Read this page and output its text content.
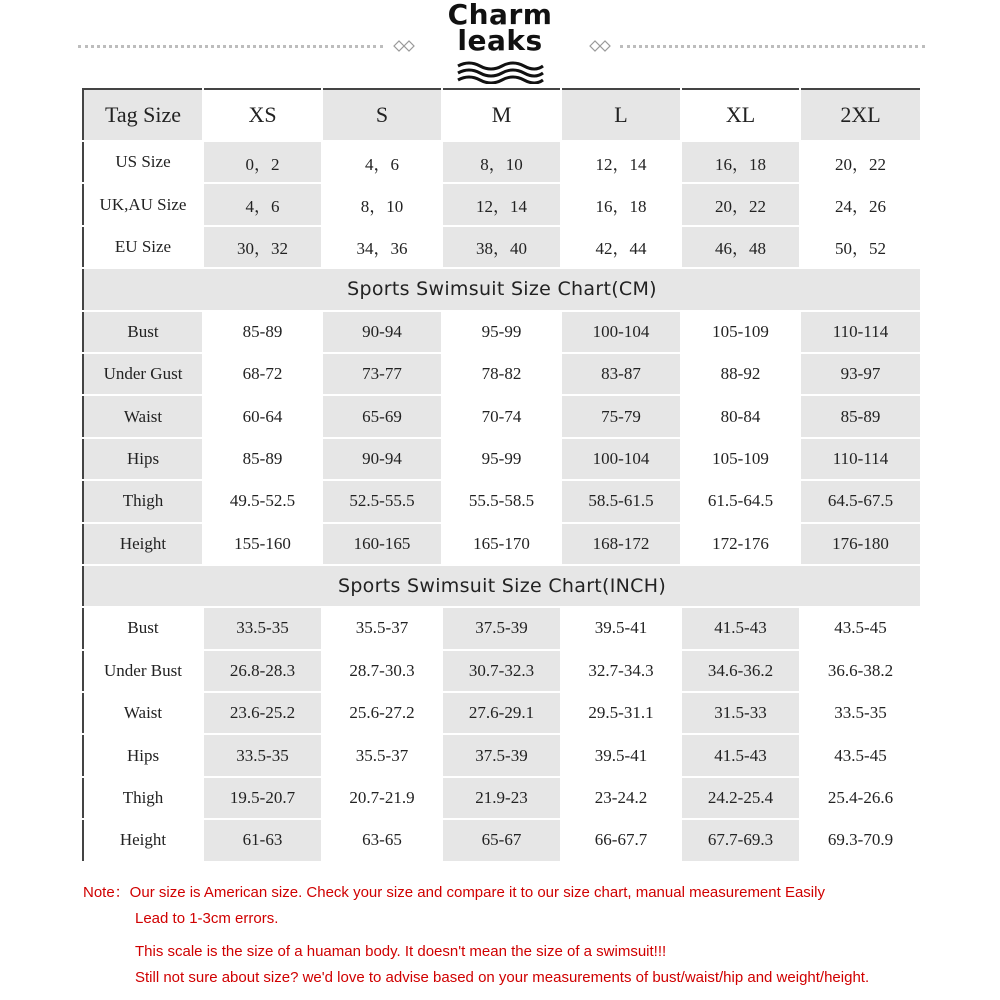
Charm
leaks
Tag Size	XS	S	M	L	XL	2XL
US Size	0，2	4，6	8，10	12，14	16，18	20，22
UK,AU Size	4，6	8，10	12，14	16，18	20，22	24，26
EU Size	30，32	34，36	38，40	42，44	46，48	50，52
Sports Swimsuit Size Chart(CM)						
Bust	85-89	90-94	95-99	100-104	105-109	110-114
Under Gust	68-72	73-77	78-82	83-87	88-92	93-97
Waist	60-64	65-69	70-74	75-79	80-84	85-89
Hips	85-89	90-94	95-99	100-104	105-109	110-114
Thigh	49.5-52.5	52.5-55.5	55.5-58.5	58.5-61.5	61.5-64.5	64.5-67.5
Height	155-160	160-165	165-170	168-172	172-176	176-180
Sports Swimsuit Size Chart(INCH)						
Bust	33.5-35	35.5-37	37.5-39	39.5-41	41.5-43	43.5-45
Under Bust	26.8-28.3	28.7-30.3	30.7-32.3	32.7-34.3	34.6-36.2	36.6-38.2
Waist	23.6-25.2	25.6-27.2	27.6-29.1	29.5-31.1	31.5-33	33.5-35
Hips	33.5-35	35.5-37	37.5-39	39.5-41	41.5-43	43.5-45
Thigh	19.5-20.7	20.7-21.9	21.9-23	23-24.2	24.2-25.4	25.4-26.6
Height	61-63	63-65	65-67	66-67.7	67.7-69.3	69.3-70.9

Note：Our size is American size. Check your size and compare it to our size chart, manual measurement Easily

Lead to 1-3cm errors.

This scale is the size of a huaman body. It doesn't mean the size of a swimsuit!!!

Still not sure about size? we'd love to advise based on your measurements of bust/waist/hip and weight/height.
